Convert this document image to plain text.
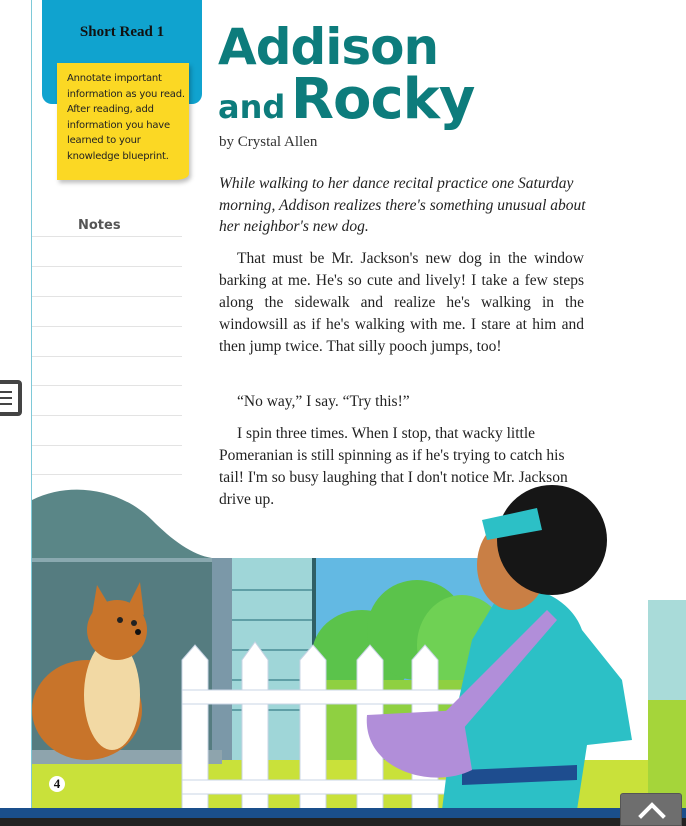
Short Read 1
Annotate important information as you read. After reading, add information you have learned to your knowledge blueprint.
Notes
Addison
and Rocky
by Crystal Allen
While walking to her dance recital practice one Saturday morning, Addison realizes there's something unusual about her neighbor's new dog.
That must be Mr. Jackson's new dog in the window barking at me. He's so cute and lively! I take a few steps along the sidewalk and realize he's walking in the windowsill as if he's walking with me. I stare at him and then jump twice. That silly pooch jumps, too!
“No way,” I say. “Try this!”
I spin three times. When I stop, that wacky little Pomeranian is still spinning as if he's trying to catch his tail! I'm so busy laughing that I don't notice Mr. Jackson drive up.
4
